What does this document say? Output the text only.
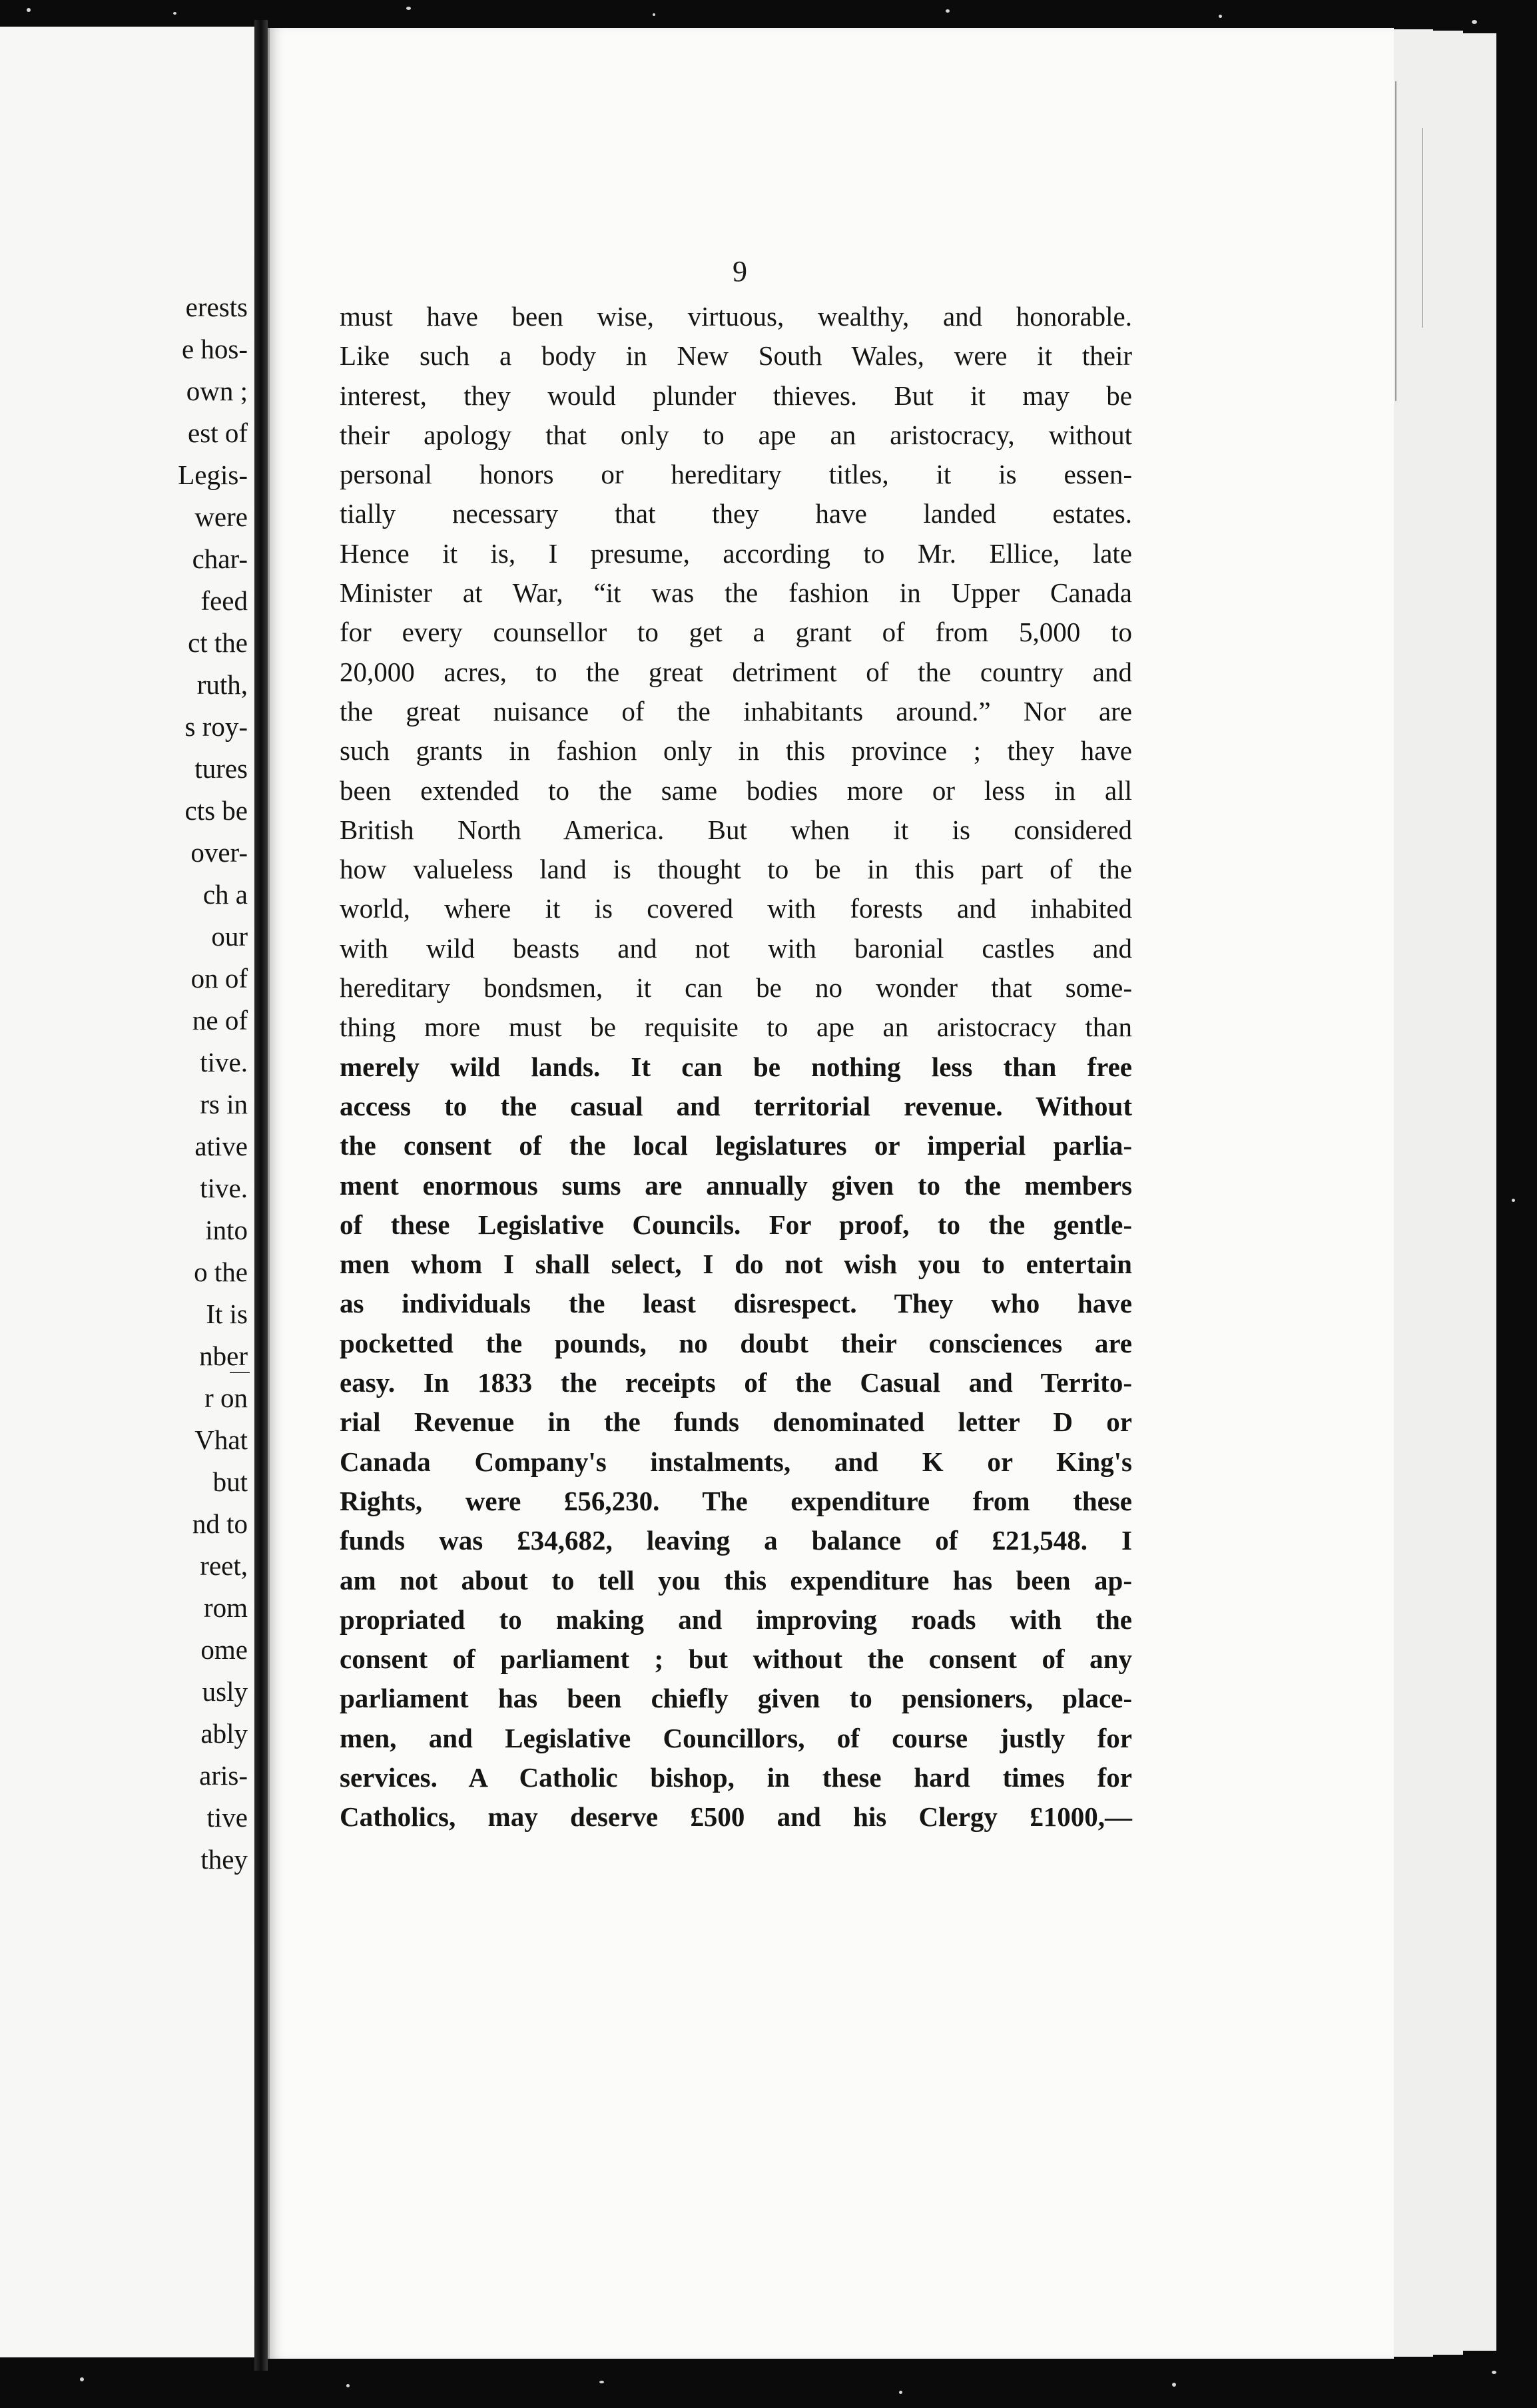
erests
e hos-
own ;
est of
Legis-
were
char-
feed
ct the
ruth,
s roy-
tures
cts be
over-
ch a
our
on of
ne of
tive.
rs in
ative
tive.
into
o the
It is
nber
r on
Vhat
but
nd to
reet,
rom
ome
usly
ably
aris-
tive
they
9
must have been wise, virtuous, wealthy, and honorable.
Like such a body in New South Wales, were it their
interest, they would plunder thieves. But it may be
their apology that only to ape an aristocracy, without
personal honors or hereditary titles, it is essen-
tially necessary that they have landed estates.
Hence it is, I presume, according to Mr. Ellice, late
Minister at War, “it was the fashion in Upper Canada
for every counsellor to get a grant of from 5,000 to
20,000 acres, to the great detriment of the country and
the great nuisance of the inhabitants around.” Nor are
such grants in fashion only in this province ; they have
been extended to the same bodies more or less in all
British North America. But when it is considered
how valueless land is thought to be in this part of the
world, where it is covered with forests and inhabited
with wild beasts and not with baronial castles and
hereditary bondsmen, it can be no wonder that some-
thing more must be requisite to ape an aristocracy than
merely wild lands. It can be nothing less than free
access to the casual and territorial revenue. Without
the consent of the local legislatures or imperial parlia-
ment enormous sums are annually given to the members
of these Legislative Councils. For proof, to the gentle-
men whom I shall select, I do not wish you to entertain
as individuals the least disrespect. They who have
pocketted the pounds, no doubt their consciences are
easy. In 1833 the receipts of the Casual and Territo-
rial Revenue in the funds denominated letter D or
Canada Company's instalments, and K or King's
Rights, were £56,230. The expenditure from these
funds was £34,682, leaving a balance of £21,548. I
am not about to tell you this expenditure has been ap-
propriated to making and improving roads with the
consent of parliament ; but without the consent of any
parliament has been chiefly given to pensioners, place-
men, and Legislative Councillors, of course justly for
services. A Catholic bishop, in these hard times for
Catholics, may deserve £500 and his Clergy £1000,—
